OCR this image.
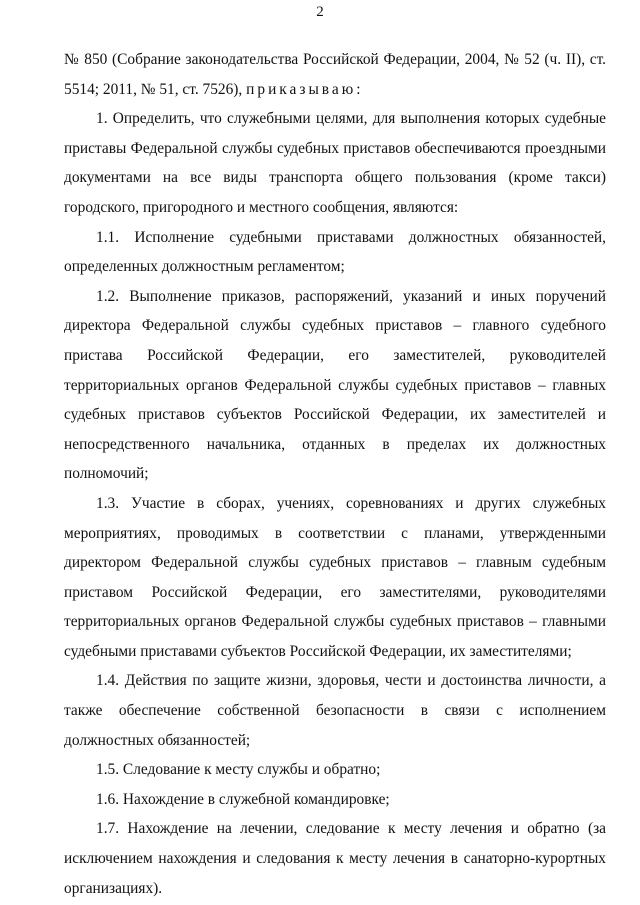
2

№ 850 (Собрание законодательства Российской Федерации, 2004, № 52 (ч. II), ст. 5514; 2011, № 51, ст. 7526), приказываю:

1. Определить, что служебными целями, для выполнения которых судебные приставы Федеральной службы судебных приставов обеспечиваются проездными документами на все виды транспорта общего пользования (кроме такси) городского, пригородного и местного сообщения, являются:

1.1. Исполнение судебными приставами должностных обязанностей, определенных должностным регламентом;

1.2. Выполнение приказов, распоряжений, указаний и иных поручений директора Федеральной службы судебных приставов – главного судебного пристава Российской Федерации, его заместителей, руководителей территориальных органов Федеральной службы судебных приставов – главных судебных приставов субъектов Российской Федерации, их заместителей и непосредственного начальника, отданных в пределах их должностных полномочий;

1.3. Участие в сборах, учениях, соревнованиях и других служебных мероприятиях, проводимых в соответствии с планами, утвержденными директором Федеральной службы судебных приставов – главным судебным приставом Российской Федерации, его заместителями, руководителями территориальных органов Федеральной службы судебных приставов – главными судебными приставами субъектов Российской Федерации, их заместителями;

1.4. Действия по защите жизни, здоровья, чести и достоинства личности, а также обеспечение собственной безопасности в связи с исполнением должностных обязанностей;

1.5. Следование к месту службы и обратно;

1.6. Нахождение в служебной командировке;

1.7. Нахождение на лечении, следование к месту лечения и обратно (за исключением нахождения и следования к месту лечения в санаторно-курортных организациях).
